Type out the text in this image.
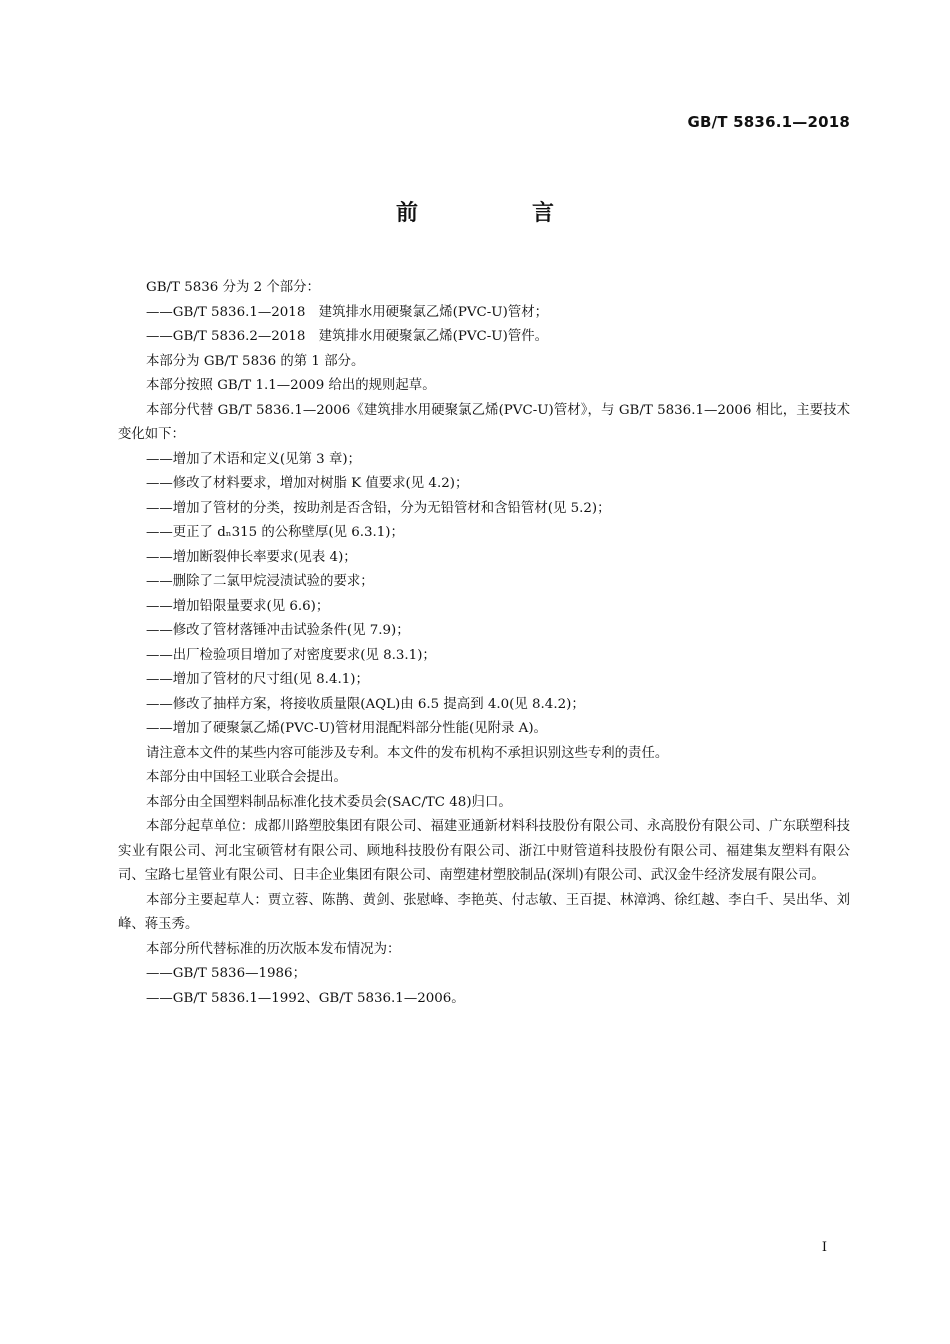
GB/T 5836.1—2018
前　言

GB/T 5836 分为 2 个部分：

——GB/T 5836.1—2018　建筑排水用硬聚氯乙烯(PVC-U)管材；

——GB/T 5836.2—2018　建筑排水用硬聚氯乙烯(PVC-U)管件。

本部分为 GB/T 5836 的第 1 部分。

本部分按照 GB/T 1.1—2009 给出的规则起草。

本部分代替 GB/T 5836.1—2006《建筑排水用硬聚氯乙烯(PVC-U)管材》，与 GB/T 5836.1—2006 相比，主要技术变化如下：

——增加了术语和定义(见第 3 章)；

——修改了材料要求，增加对树脂 K 值要求(见 4.2)；

——增加了管材的分类，按助剂是否含铅，分为无铅管材和含铅管材(见 5.2)；

——更正了 dₙ315 的公称壁厚(见 6.3.1)；

——增加断裂伸长率要求(见表 4)；

——删除了二氯甲烷浸渍试验的要求；

——增加铅限量要求(见 6.6)；

——修改了管材落锤冲击试验条件(见 7.9)；

——出厂检验项目增加了对密度要求(见 8.3.1)；

——增加了管材的尺寸组(见 8.4.1)；

——修改了抽样方案，将接收质量限(AQL)由 6.5 提高到 4.0(见 8.4.2)；

——增加了硬聚氯乙烯(PVC-U)管材用混配料部分性能(见附录 A)。

请注意本文件的某些内容可能涉及专利。本文件的发布机构不承担识别这些专利的责任。

本部分由中国轻工业联合会提出。

本部分由全国塑料制品标准化技术委员会(SAC/TC 48)归口。

本部分起草单位：成都川路塑胶集团有限公司、福建亚通新材料科技股份有限公司、永高股份有限公司、广东联塑科技实业有限公司、河北宝硕管材有限公司、顾地科技股份有限公司、浙江中财管道科技股份有限公司、福建集友塑料有限公司、宝路七星管业有限公司、日丰企业集团有限公司、南塑建材塑胶制品(深圳)有限公司、武汉金牛经济发展有限公司。

本部分主要起草人：贾立蓉、陈鹊、黄剑、张慰峰、李艳英、付志敏、王百提、林漳鸿、徐红越、李白千、吴出华、刘峰、蒋玉秀。

本部分所代替标准的历次版本发布情况为：

——GB/T 5836—1986；

——GB/T 5836.1—1992、GB/T 5836.1—2006。

I
